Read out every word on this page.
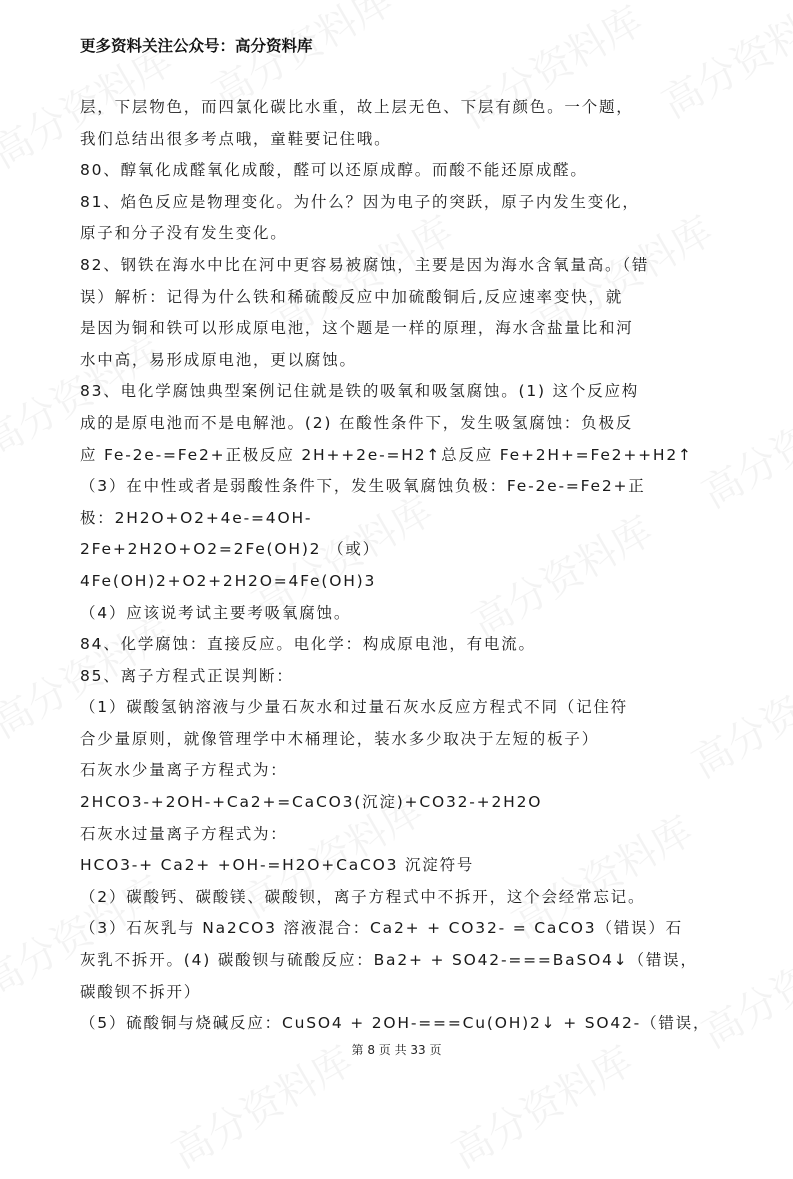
更多资料关注公众号：高分资料库
层，下层物色，而四氯化碳比水重，故上层无色、下层有颜色。一个题，
我们总结出很多考点哦，童鞋要记住哦。
80、醇氧化成醛氧化成酸，醛可以还原成醇。而酸不能还原成醛。
81、焰色反应是物理变化。为什么？因为电子的突跃，原子内发生变化，
原子和分子没有发生变化。
82、钢铁在海水中比在河中更容易被腐蚀，主要是因为海水含氧量高。（错
误）解析：记得为什么铁和稀硫酸反应中加硫酸铜后,反应速率变快，就
是因为铜和铁可以形成原电池，这个题是一样的原理，海水含盐量比和河
水中高，易形成原电池，更以腐蚀。
83、电化学腐蚀典型案例记住就是铁的吸氧和吸氢腐蚀。(1) 这个反应构
成的是原电池而不是电解池。(2) 在酸性条件下，发生吸氢腐蚀：负极反
应 Fe-2e-=Fe2+正极反应 2H++2e-=H2↑总反应 Fe+2H+=Fe2++H2↑
（3）在中性或者是弱酸性条件下，发生吸氧腐蚀负极：Fe-2e-=Fe2+正
极：2H2O+O2+4e-=4OH-
2Fe+2H2O+O2=2Fe(OH)2 （或）
4Fe(OH)2+O2+2H2O=4Fe(OH)3
（4）应该说考试主要考吸氧腐蚀。
84、化学腐蚀：直接反应。电化学：构成原电池，有电流。
85、离子方程式正误判断：
（1）碳酸氢钠溶液与少量石灰水和过量石灰水反应方程式不同（记住符
合少量原则，就像管理学中木桶理论，装水多少取决于左短的板子）
石灰水少量离子方程式为：
2HCO3-+2OH-+Ca2+=CaCO3(沉淀)+CO32-+2H2O
石灰水过量离子方程式为：
HCO3-+ Ca2+ +OH-=H2O+CaCO3 沉淀符号
（2）碳酸钙、碳酸镁、碳酸钡，离子方程式中不拆开，这个会经常忘记。
（3）石灰乳与 Na2CO3 溶液混合：Ca2+ + CO32- = CaCO3（错误）石
灰乳不拆开。(4) 碳酸钡与硫酸反应：Ba2+ + SO42-===BaSO4↓（错误，
碳酸钡不拆开）
（5）硫酸铜与烧碱反应：CuSO4 + 2OH-===Cu(OH)2↓ + SO42-（错误，
第 8 页 共 33 页
